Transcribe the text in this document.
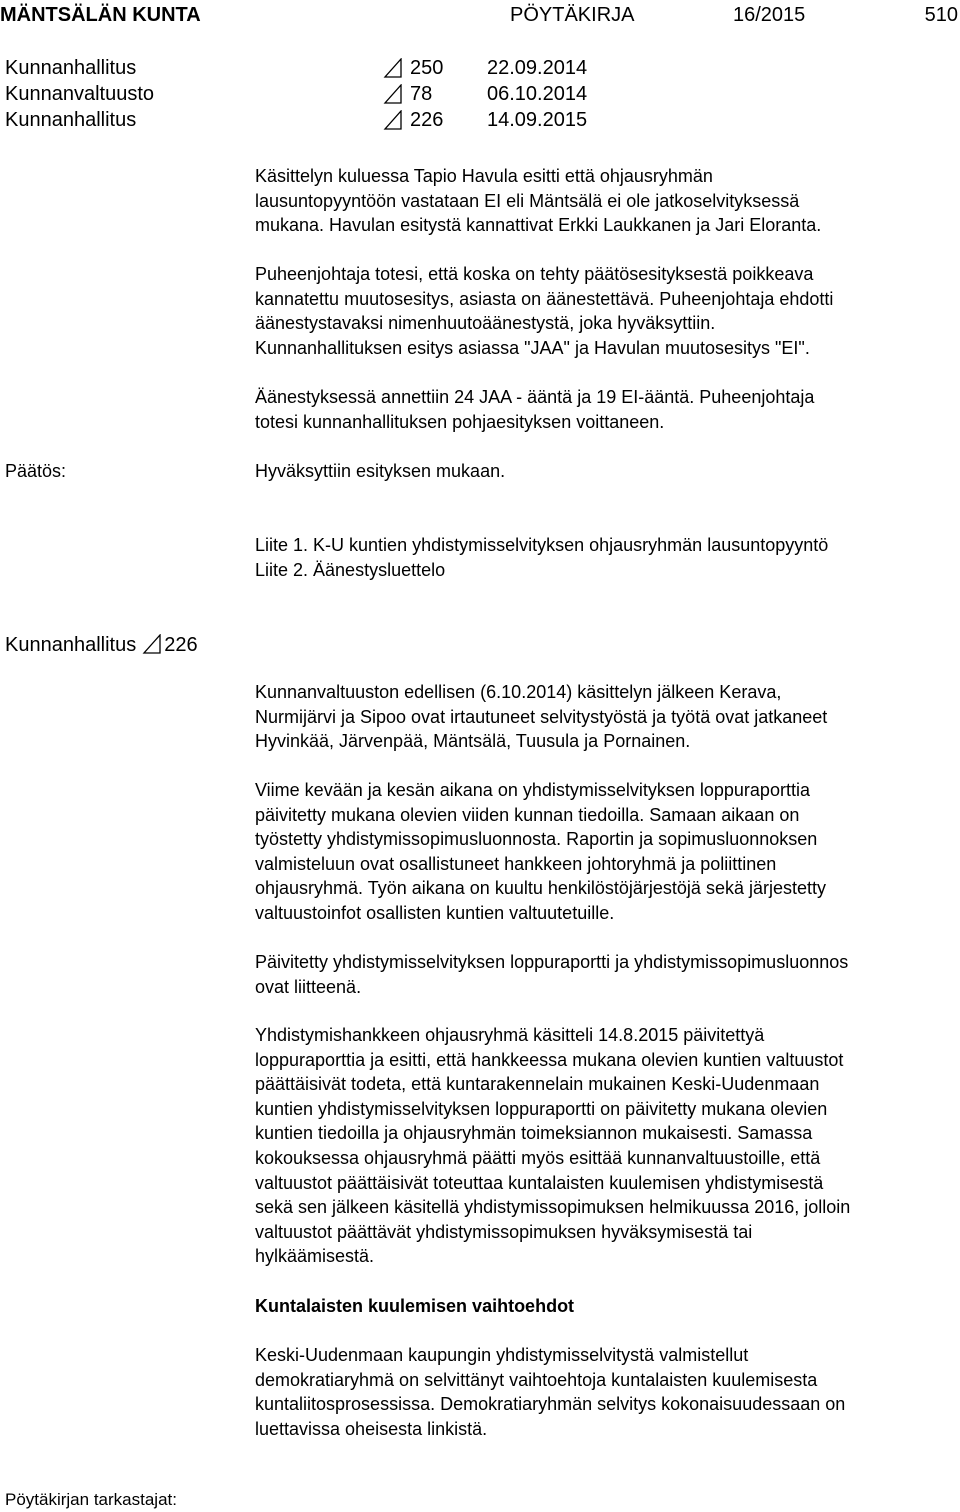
MÄNTSÄLÄN KUNTA	PÖYTÄKIRJA	16/2015	510
Kunnanhallitus	250 22.09.2014
Kunnanvaltuusto	78	06.10.2014
Kunnanhallitus	226 14.09.2015
Käsittelyn kuluessa Tapio Havula esitti että ohjausryhmän
lausuntopyyntöön vastataan EI eli Mäntsälä ei ole jatkoselvityksessä
mukana. Havulan esitystä kannattivat Erkki Laukkanen ja Jari Eloranta.
Puheenjohtaja totesi, että koska on tehty päätösesityksestä poikkeava
kannatettu muutosesitys, asiasta on äänestettävä. Puheenjohtaja ehdotti
äänestystavaksi nimenhuutoäänestystä, joka hyväksyttiin.
Kunnanhallituksen esitys asiassa "JAA" ja Havulan muutosesitys "EI".
Äänestyksessä annettiin 24 JAA - ääntä ja 19 EI-ääntä. Puheenjohtaja
totesi kunnanhallituksen pohjaesityksen voittaneen.
Päätös:	Hyväksyttiin esityksen mukaan.
Liite 1. K-U kuntien yhdistymisselvityksen ohjausryhmän lausuntopyyntö
Liite 2. Äänestysluettelo
Kunnanhallitus 226
Kunnanvaltuuston edellisen (6.10.2014) käsittelyn jälkeen Kerava,
Nurmijärvi ja Sipoo ovat irtautuneet selvitystyöstä ja työtä ovat jatkaneet
Hyvinkää, Järvenpää, Mäntsälä, Tuusula ja Pornainen.
Viime kevään ja kesän aikana on yhdistymisselvityksen loppuraporttia
päivitetty mukana olevien viiden kunnan tiedoilla. Samaan aikaan on
työstetty yhdistymissopimusluonnosta. Raportin ja sopimusluonnoksen
valmisteluun ovat osallistuneet hankkeen johtoryhmä ja poliittinen
ohjausryhmä. Työn aikana on kuultu henkilöstöjärjestöjä sekä järjestetty
valtuustoinfot osallisten kuntien valtuutetuille.
Päivitetty yhdistymisselvityksen loppuraportti ja yhdistymissopimusluonnos
ovat liitteenä.
Yhdistymishankkeen ohjausryhmä käsitteli 14.8.2015 päivitettyä
loppuraporttia ja esitti, että hankkeessa mukana olevien kuntien valtuustot
päättäisivät todeta, että kuntarakennelain mukainen Keski-Uudenmaan
kuntien yhdistymisselvityksen loppuraportti on päivitetty mukana olevien
kuntien tiedoilla ja ohjausryhmän toimeksiannon mukaisesti. Samassa
kokouksessa ohjausryhmä päätti myös esittää kunnanvaltuustoille, että
valtuustot päättäisivät toteuttaa kuntalaisten kuulemisen yhdistymisestä
sekä sen jälkeen käsitellä yhdistymissopimuksen helmikuussa 2016, jolloin
valtuustot päättävät yhdistymissopimuksen hyväksymisestä tai
hylkäämisestä.
Kuntalaisten kuulemisen vaihtoehdot
Keski-Uudenmaan kaupungin yhdistymisselvitystä valmistellut
demokratiaryhmä on selvittänyt vaihtoehtoja kuntalaisten kuulemisesta
kuntaliitosprosessissa. Demokratiaryhmän selvitys kokonaisuudessaan on
luettavissa oheisesta linkistä.
Pöytäkirjan tarkastajat:
